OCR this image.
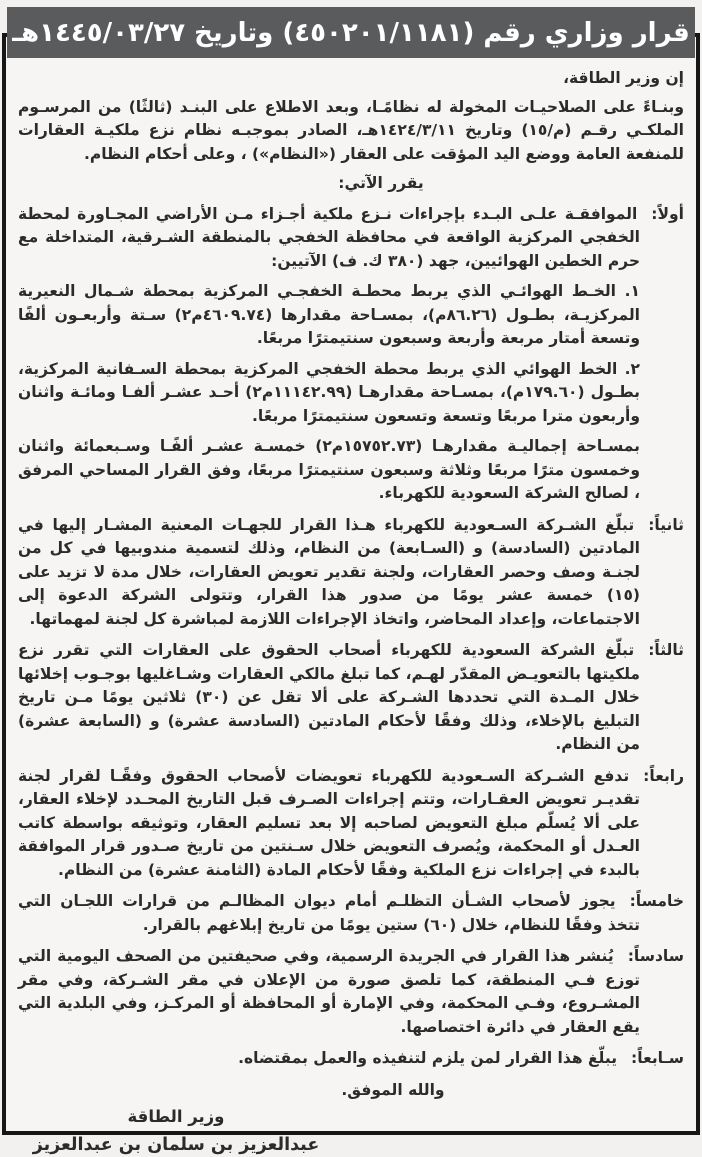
قرار وزاري رقم (٤٥٠٢٠١/١١٨١) وتاريخ ١٤٤٥/٠٣/٢٧هـ

إن وزير الطاقة،

وبنـاءً على الصلاحيـات المخولة له نظامًـا، وبعد الاطلاع على البنـد (ثالثًا) من المرسـوم الملكـي رقـم (م/١٥) وتاريخ ١٤٢٤/٣/١١هـ، الصادر بموجبـه نظام نزع ملكيـة العقارات للمنفعة العامة ووضع اليد المؤقت على العقار («النظام») ، وعلى أحكام النظام.

يقرر الآتي:

أولاً:
الموافقـة علـى البـدء بإجراءات نـزع ملكية أجـزاء مـن الأراضي المجـاورة لمحطة الخفجي المركزية الواقعة في محافظة الخفجي بالمنطقة الشـرقية، المتداخلة مع حرم الخطين الهوائيين، جهد (٣٨٠ ك. ف) الآتيين:
١. الخـط الهوائـي الذي يربط محطـة الخفجـي المركزية بمحطة شـمال النعيرية المركزيـة، بطـول (٨٦.٢٦م)، بمسـاحة مقدارها (٤٦٠٩.٧٤م٢) سـتة وأربعـون ألفًا وتسعة أمتار مربعة وأربعة وسبعون سنتيمترًا مربعًا.
٢. الخط الهوائي الذي يربط محطة الخفجي المركزية بمحطة السـفانية المركزية، بطـول (١٧٩.٦٠م)، بمسـاحة مقدارهـا (١١١٤٢.٩٩م٢) أحـد عشـر ألفـا ومائـة واثنان وأربعون مترا مربعًا وتسعة وتسعون سنتيمترًا مربعًا.
بمسـاحة إجماليـة مقدارهـا (١٥٧٥٢.٧٣م٢) خمسـة عشـر ألفًـا وسـبعمائة واثنان وخمسون مترًا مربعًا وثلاثة وسبعون سنتيمترًا مربعًا، وفق القرار المساحي المرفق ، لصالح الشركة السعودية للكهرباء.
ثانياً:
تبلّغ الشـركة السـعودية للكهرباء هـذا القرار للجهـات المعنية المشـار إليها في المادتين (السادسة) و (السـابعة) من النظام، وذلك لتسمية مندوبيها في كل من لجنـة وصف وحصر العقارات، ولجنة تقدير تعويض العقارات، خلال مدة لا تزيد على (١٥) خمسة عشر يومًا من صدور هذا القرار، وتتولى الشركة الدعوة إلى الاجتماعات، وإعداد المحاضر، واتخاذ الإجراءات اللازمة لمباشرة كل لجنة لمهماتها.
ثالثاً:
تبلّغ الشركة السعودية للكهرباء أصحاب الحقوق على العقارات التي تقرر نزع ملكيتها بالتعويـض المقدّر لهـم، كما تبلغ مالكي العقارات وشـاغليها بوجـوب إخلائها خلال المـدة التي تحددها الشـركة على ألا تقل عن (٣٠) ثلاثين يومًا مـن تاريخ التبليغ بالإخلاء، وذلك وفقًا لأحكام المادتين (السادسة عشرة) و (السابعة عشرة) من النظام.
رابعاً:
تدفع الشـركة السـعودية للكهرباء تعويضات لأصحاب الحقوق وفقًـا لقرار لجنة تقديـر تعويض العقـارات، وتتم إجراءات الصـرف قبل التاريخ المحـدد لإخلاء العقار، على ألا يُسلّم مبلغ التعويض لصاحبه إلا بعد تسليم العقار، وتوثيقه بواسطة كاتب العـدل أو المحكمة، ويُصرف التعويض خلال سـنتين من تاريخ صـدور قرار الموافقة بالبدء في إجراءات نزع الملكية وفقًا لأحكام المادة (الثامنة عشرة) من النظام.
خامساً:
يجوز لأصحاب الشـأن التظلـم أمام ديوان المظالـم من قرارات اللجـان التي تتخذ وفقًا للنظام، خلال (٦٠) ستين يومًا من تاريخ إبلاغهم بالقرار.
سادساً:
يُنشر هذا القرار في الجريدة الرسمية، وفي صحيفتين من الصحف اليومية التي توزع فـي المنطقة، كما تلصق صورة من الإعلان في مقر الشـركة، وفي مقر المشـروع، وفـي المحكمة، وفي الإمارة أو المحافظة أو المركـز، وفي البلدية التي يقع العقار في دائرة اختصاصها.
سـابعاً:
يبلّغ هذا القرار لمن يلزم لتنفيذه والعمل بمقتضاه.

والله الموفق.

وزير الطاقة
عبدالعزيز بن سلمان بن عبدالعزيز
